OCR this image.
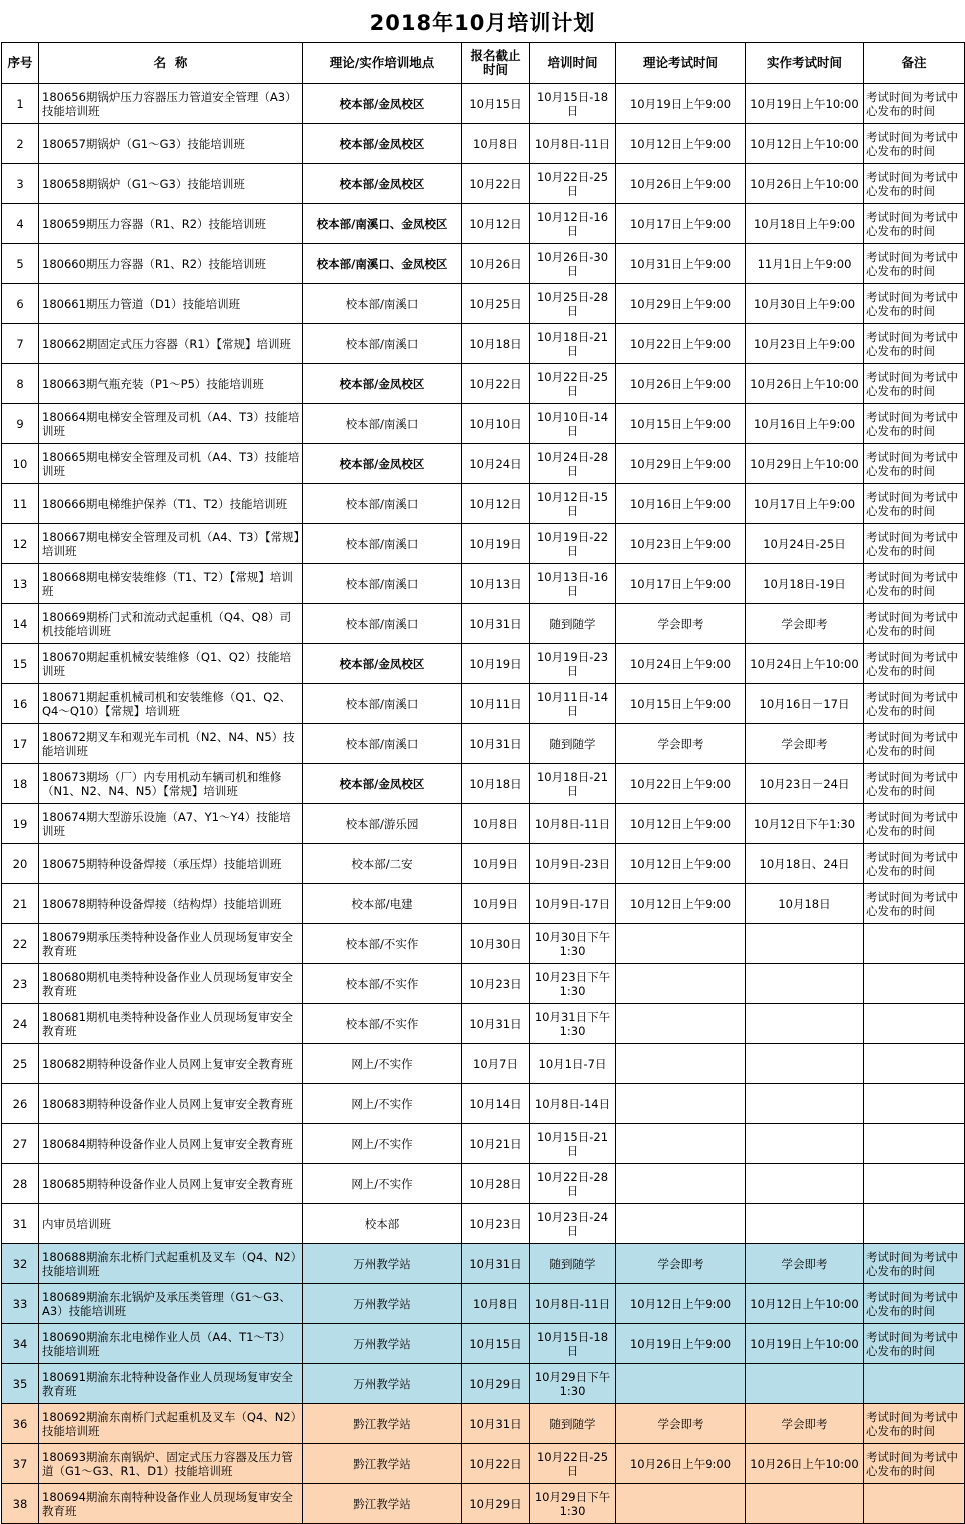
2018年10月培训计划
序号	名  称	理论/实作培训地点	报名截止时间	培训时间	理论考试时间	实作考试时间	备注
1	180656期锅炉压力容器压力管道安全管理（A3）技能培训班	校本部/金凤校区	10月15日	10月15日-18日	10月19日上午9:00	10月19日上午10:00	考试时间为考试中心发布的时间
2	180657期锅炉（G1～G3）技能培训班	校本部/金凤校区	10月8日	10月8日-11日	10月12日上午9:00	10月12日上午10:00	考试时间为考试中心发布的时间
3	180658期锅炉（G1～G3）技能培训班	校本部/金凤校区	10月22日	10月22日-25日	10月26日上午9:00	10月26日上午10:00	考试时间为考试中心发布的时间
4	180659期压力容器（R1、R2）技能培训班	校本部/南溪口、金凤校区	10月12日	10月12日-16日	10月17日上午9:00	10月18日上午9:00	考试时间为考试中心发布的时间
5	180660期压力容器（R1、R2）技能培训班	校本部/南溪口、金凤校区	10月26日	10月26日-30日	10月31日上午9:00	11月1日上午9:00	考试时间为考试中心发布的时间
6	180661期压力管道（D1）技能培训班	校本部/南溪口	10月25日	10月25日-28日	10月29日上午9:00	10月30日上午9:00	考试时间为考试中心发布的时间
7	180662期固定式压力容器（R1）【常规】培训班	校本部/南溪口	10月18日	10月18日-21日	10月22日上午9:00	10月23日上午9:00	考试时间为考试中心发布的时间
8	180663期气瓶充装（P1～P5）技能培训班	校本部/金凤校区	10月22日	10月22日-25日	10月26日上午9:00	10月26日上午10:00	考试时间为考试中心发布的时间
9	180664期电梯安全管理及司机（A4、T3）技能培训班	校本部/南溪口	10月10日	10月10日-14日	10月15日上午9:00	10月16日上午9:00	考试时间为考试中心发布的时间
10	180665期电梯安全管理及司机（A4、T3）技能培训班	校本部/金凤校区	10月24日	10月24日-28日	10月29日上午9:00	10月29日上午10:00	考试时间为考试中心发布的时间
11	180666期电梯维护保养（T1、T2）技能培训班	校本部/南溪口	10月12日	10月12日-15日	10月16日上午9:00	10月17日上午9:00	考试时间为考试中心发布的时间
12	180667期电梯安全管理及司机（A4、T3）【常规】培训班	校本部/南溪口	10月19日	10月19日-22日	10月23日上午9:00	10月24日-25日	考试时间为考试中心发布的时间
13	180668期电梯安装维修（T1、T2）【常规】培训班	校本部/南溪口	10月13日	10月13日-16日	10月17日上午9:00	10月18日-19日	考试时间为考试中心发布的时间
14	180669期桥门式和流动式起重机（Q4、Q8）司机技能培训班	校本部/南溪口	10月31日	随到随学	学会即考	学会即考	考试时间为考试中心发布的时间
15	180670期起重机械安装维修（Q1、Q2）技能培训班	校本部/金凤校区	10月19日	10月19日-23日	10月24日上午9:00	10月24日上午10:00	考试时间为考试中心发布的时间
16	180671期起重机械司机和安装维修（Q1、Q2、Q4～Q10）【常规】培训班	校本部/南溪口	10月11日	10月11日-14日	10月15日上午9:00	10月16日－17日	考试时间为考试中心发布的时间
17	180672期叉车和观光车司机（N2、N4、N5）技能培训班	校本部/南溪口	10月31日	随到随学	学会即考	学会即考	考试时间为考试中心发布的时间
18	180673期场（厂）内专用机动车辆司机和维修（N1、N2、N4、N5）【常规】培训班	校本部/金凤校区	10月18日	10月18日-21日	10月22日上午9:00	10月23日－24日	考试时间为考试中心发布的时间
19	180674期大型游乐设施（A7、Y1～Y4）技能培训班	校本部/游乐园	10月8日	10月8日-11日	10月12日上午9:00	10月12日下午1:30	考试时间为考试中心发布的时间
20	180675期特种设备焊接（承压焊）技能培训班	校本部/二安	10月9日	10月9日-23日	10月12日上午9:00	10月18日、24日	考试时间为考试中心发布的时间
21	180678期特种设备焊接（结构焊）技能培训班	校本部/电建	10月9日	10月9日-17日	10月12日上午9:00	10月18日	考试时间为考试中心发布的时间
22	180679期承压类特种设备作业人员现场复审安全教育班	校本部/不实作	10月30日	10月30日下午1:30			
23	180680期机电类特种设备作业人员现场复审安全教育班	校本部/不实作	10月23日	10月23日下午1:30			
24	180681期机电类特种设备作业人员现场复审安全教育班	校本部/不实作	10月31日	10月31日下午1:30			
25	180682期特种设备作业人员网上复审安全教育班	网上/不实作	10月7日	10月1日-7日			
26	180683期特种设备作业人员网上复审安全教育班	网上/不实作	10月14日	10月8日-14日			
27	180684期特种设备作业人员网上复审安全教育班	网上/不实作	10月21日	10月15日-21日			
28	180685期特种设备作业人员网上复审安全教育班	网上/不实作	10月28日	10月22日-28日			
31	内审员培训班	校本部	10月23日	10月23日-24日			
32	180688期渝东北桥门式起重机及叉车（Q4、N2）技能培训班	万州教学站	10月31日	随到随学	学会即考	学会即考	考试时间为考试中心发布的时间
33	180689期渝东北锅炉及承压类管理（G1～G3、A3）技能培训班	万州教学站	10月8日	10月8日-11日	10月12日上午9:00	10月12日上午10:00	考试时间为考试中心发布的时间
34	180690期渝东北电梯作业人员（A4、T1～T3）技能培训班	万州教学站	10月15日	10月15日-18日	10月19日上午9:00	10月19日上午10:00	考试时间为考试中心发布的时间
35	180691期渝东北特种设备作业人员现场复审安全教育班	万州教学站	10月29日	10月29日下午1:30			
36	180692期渝东南桥门式起重机及叉车（Q4、N2）技能培训班	黔江教学站	10月31日	随到随学	学会即考	学会即考	考试时间为考试中心发布的时间
37	180693期渝东南锅炉、固定式压力容器及压力管道（G1～G3、R1、D1）技能培训班	黔江教学站	10月22日	10月22日-25日	10月26日上午9:00	10月26日上午10:00	考试时间为考试中心发布的时间
38	180694期渝东南特种设备作业人员现场复审安全教育班	黔江教学站	10月29日	10月29日下午1:30			
